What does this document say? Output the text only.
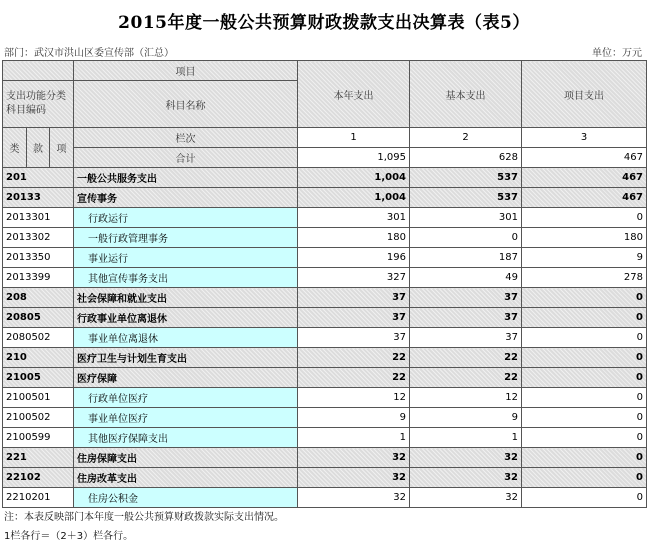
2015年度一般公共预算财政拨款支出决算表（表5）
部门：武汉市洪山区委宣传部（汇总）	单位：万元
			项目	本年支出	基本支出	项目支出
支出功能分类科目编码			科目名称			
类	款	项				
			栏次	1	2	3
			合计	1,095	628	467
201			一般公共服务支出	1,004	537	467
20133			宣传事务	1,004	537	467
2013301			行政运行	301	301	0
2013302			一般行政管理事务	180	0	180
2013350			事业运行	196	187	9
2013399			其他宣传事务支出	327	49	278
208			社会保障和就业支出	37	37	0
20805			行政事业单位离退休	37	37	0
2080502			事业单位离退休	37	37	0
210			医疗卫生与计划生育支出	22	22	0
21005			医疗保障	22	22	0
2100501			行政单位医疗	12	12	0
2100502			事业单位医疗	9	9	0
2100599			其他医疗保障支出	1	1	0
221			住房保障支出	32	32	0
22102			住房改革支出	32	32	0
2210201			住房公积金	32	32	0
注：本表反映部门本年度一般公共预算财政拨款实际支出情况。
1栏各行＝（2＋3）栏各行。
